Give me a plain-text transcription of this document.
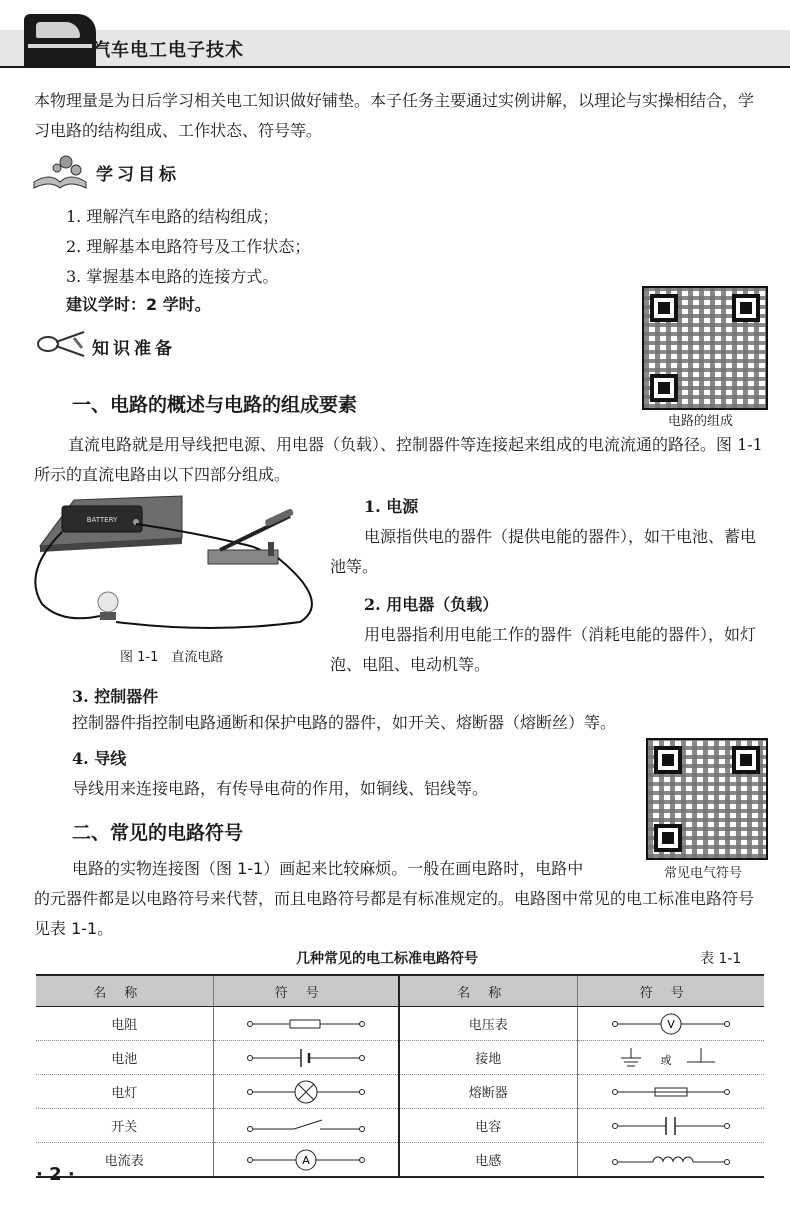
汽车电工电子技术
本物理量是为日后学习相关电工知识做好铺垫。本子任务主要通过实例讲解，以理论与实操相结合，学习电路的结构组成、工作状态、符号等。
学习目标
1. 理解汽车电路的结构组成；
2. 理解基本电路符号及工作状态；
3. 掌握基本电路的连接方式。
建议学时：2 学时。
知识准备
电路的组成
一、电路的概述与电路的组成要素
直流电路就是用导线把电源、用电器（负载）、控制器件等连接起来组成的电流流通的路径。图 1-1 所示的直流电路由以下四部分组成。
BATTERY
图 1-1　直流电路
1. 电源
电源指供电的器件（提供电能的器件），如干电池、蓄电池等。
2. 用电器（负载）
用电器指利用电能工作的器件（消耗电能的器件），如灯泡、电阻、电动机等。
3. 控制器件
控制器件指控制电路通断和保护电路的器件，如开关、熔断器（熔断丝）等。
4. 导线
导线用来连接电路，有传导电荷的作用，如铜线、铝线等。
常见电气符号
二、常见的电路符号
电路的实物连接图（图 1-1）画起来比较麻烦。一般在画电路时，电路中
的元器件都是以电路符号来代替，而且电路符号都是有标准规定的。电路图中常见的电工标准电路符号见表 1-1。
几种常见的电工标准电路符号	表 1-1
名称	符号	名称	符号
电阻		电压表	V

电池		接地	或

电灯		熔断器	

开关		电容	

电流表	A	电感	
· 2 ·
